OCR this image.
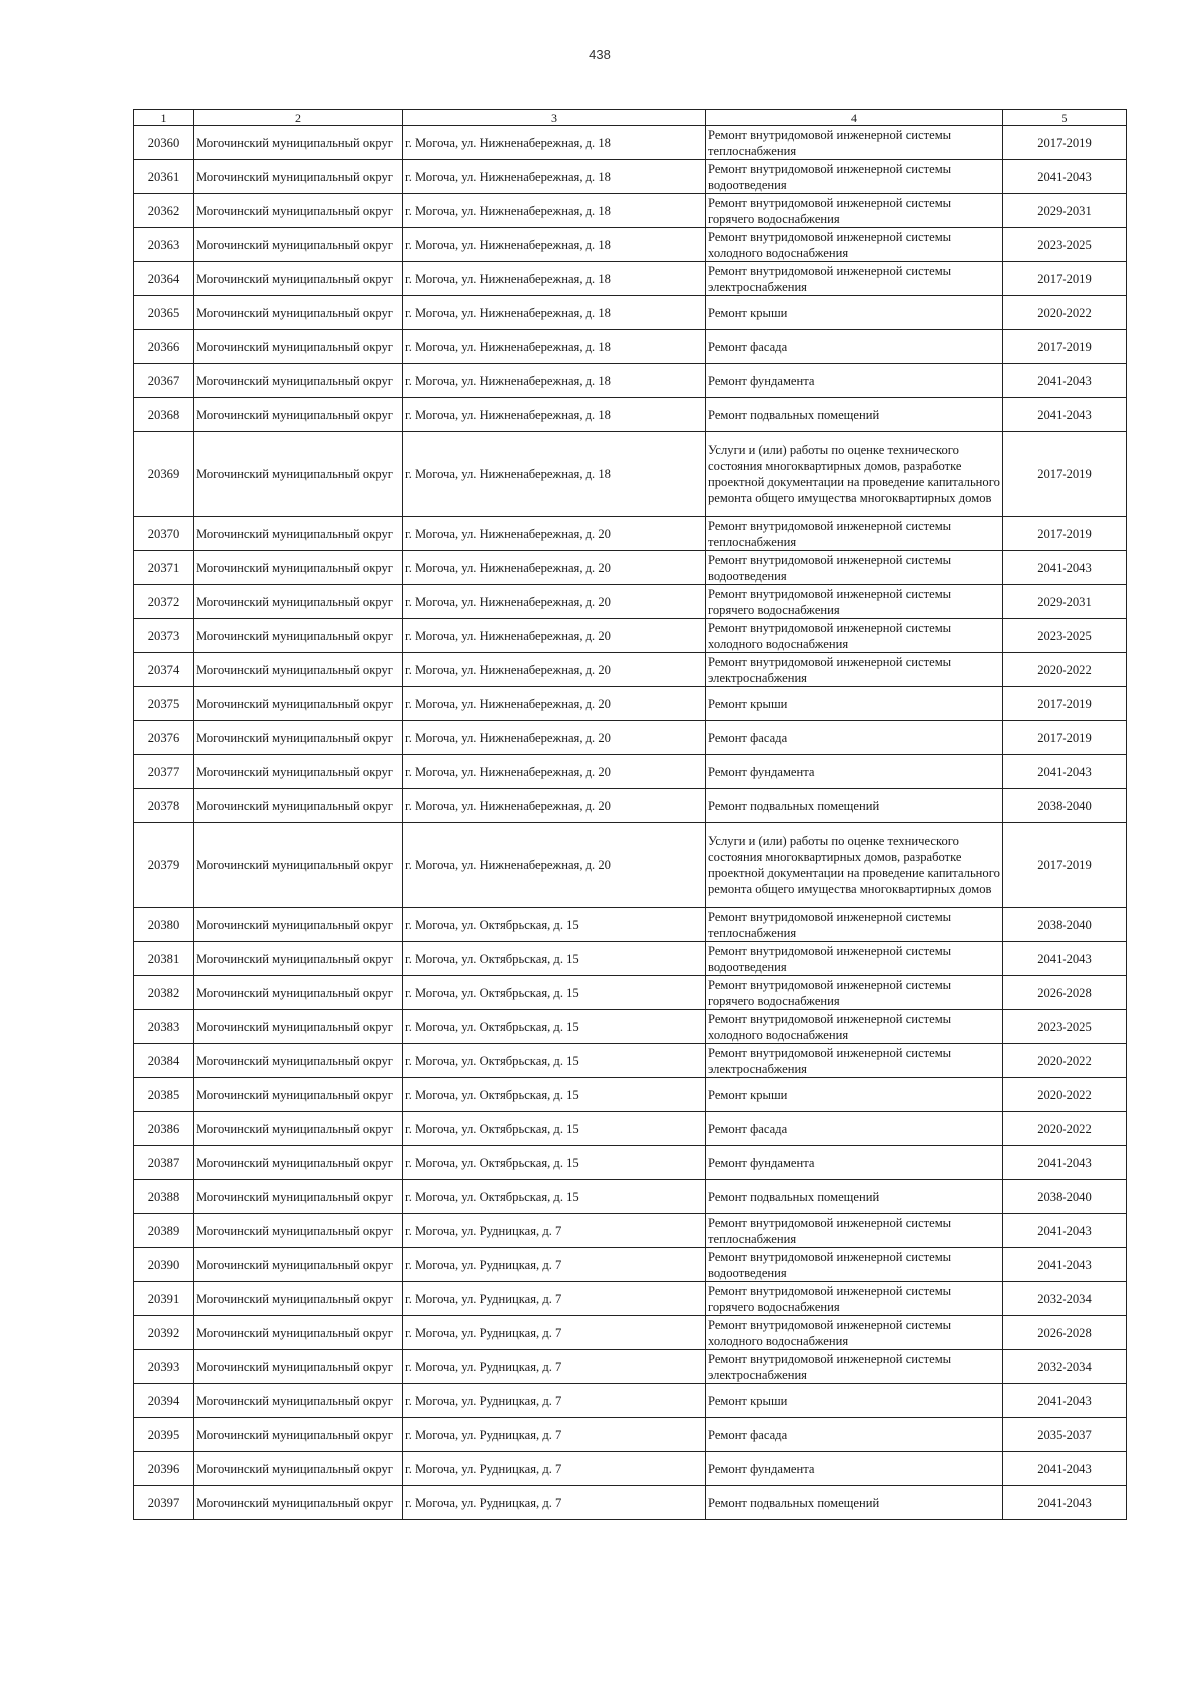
438
1	2	3	4	5
20360	Могочинский муниципальный округ	г. Могоча, ул. Нижненабережная, д. 18	Ремонт внутридомовой инженерной системы теплоснабжения	2017-2019
20361	Могочинский муниципальный округ	г. Могоча, ул. Нижненабережная, д. 18	Ремонт внутридомовой инженерной системы водоотведения	2041-2043
20362	Могочинский муниципальный округ	г. Могоча, ул. Нижненабережная, д. 18	Ремонт внутридомовой инженерной системы горячего водоснабжения	2029-2031
20363	Могочинский муниципальный округ	г. Могоча, ул. Нижненабережная, д. 18	Ремонт внутридомовой инженерной системы холодного водоснабжения	2023-2025
20364	Могочинский муниципальный округ	г. Могоча, ул. Нижненабережная, д. 18	Ремонт внутридомовой инженерной системы электроснабжения	2017-2019
20365	Могочинский муниципальный округ	г. Могоча, ул. Нижненабережная, д. 18	Ремонт крыши	2020-2022
20366	Могочинский муниципальный округ	г. Могоча, ул. Нижненабережная, д. 18	Ремонт фасада	2017-2019
20367	Могочинский муниципальный округ	г. Могоча, ул. Нижненабережная, д. 18	Ремонт фундамента	2041-2043
20368	Могочинский муниципальный округ	г. Могоча, ул. Нижненабережная, д. 18	Ремонт подвальных помещений	2041-2043
20369	Могочинский муниципальный округ	г. Могоча, ул. Нижненабережная, д. 18	Услуги и (или) работы по оценке технического состояния многоквартирных домов, разработке проектной документации на проведение капитального ремонта общего имущества многоквартирных домов	2017-2019
20370	Могочинский муниципальный округ	г. Могоча, ул. Нижненабережная, д. 20	Ремонт внутридомовой инженерной системы теплоснабжения	2017-2019
20371	Могочинский муниципальный округ	г. Могоча, ул. Нижненабережная, д. 20	Ремонт внутридомовой инженерной системы водоотведения	2041-2043
20372	Могочинский муниципальный округ	г. Могоча, ул. Нижненабережная, д. 20	Ремонт внутридомовой инженерной системы горячего водоснабжения	2029-2031
20373	Могочинский муниципальный округ	г. Могоча, ул. Нижненабережная, д. 20	Ремонт внутридомовой инженерной системы холодного водоснабжения	2023-2025
20374	Могочинский муниципальный округ	г. Могоча, ул. Нижненабережная, д. 20	Ремонт внутридомовой инженерной системы электроснабжения	2020-2022
20375	Могочинский муниципальный округ	г. Могоча, ул. Нижненабережная, д. 20	Ремонт крыши	2017-2019
20376	Могочинский муниципальный округ	г. Могоча, ул. Нижненабережная, д. 20	Ремонт фасада	2017-2019
20377	Могочинский муниципальный округ	г. Могоча, ул. Нижненабережная, д. 20	Ремонт фундамента	2041-2043
20378	Могочинский муниципальный округ	г. Могоча, ул. Нижненабережная, д. 20	Ремонт подвальных помещений	2038-2040
20379	Могочинский муниципальный округ	г. Могоча, ул. Нижненабережная, д. 20	Услуги и (или) работы по оценке технического состояния многоквартирных домов, разработке проектной документации на проведение капитального ремонта общего имущества многоквартирных домов	2017-2019
20380	Могочинский муниципальный округ	г. Могоча, ул. Октябрьская, д. 15	Ремонт внутридомовой инженерной системы теплоснабжения	2038-2040
20381	Могочинский муниципальный округ	г. Могоча, ул. Октябрьская, д. 15	Ремонт внутридомовой инженерной системы водоотведения	2041-2043
20382	Могочинский муниципальный округ	г. Могоча, ул. Октябрьская, д. 15	Ремонт внутридомовой инженерной системы горячего водоснабжения	2026-2028
20383	Могочинский муниципальный округ	г. Могоча, ул. Октябрьская, д. 15	Ремонт внутридомовой инженерной системы холодного водоснабжения	2023-2025
20384	Могочинский муниципальный округ	г. Могоча, ул. Октябрьская, д. 15	Ремонт внутридомовой инженерной системы электроснабжения	2020-2022
20385	Могочинский муниципальный округ	г. Могоча, ул. Октябрьская, д. 15	Ремонт крыши	2020-2022
20386	Могочинский муниципальный округ	г. Могоча, ул. Октябрьская, д. 15	Ремонт фасада	2020-2022
20387	Могочинский муниципальный округ	г. Могоча, ул. Октябрьская, д. 15	Ремонт фундамента	2041-2043
20388	Могочинский муниципальный округ	г. Могоча, ул. Октябрьская, д. 15	Ремонт подвальных помещений	2038-2040
20389	Могочинский муниципальный округ	г. Могоча, ул. Рудницкая, д. 7	Ремонт внутридомовой инженерной системы теплоснабжения	2041-2043
20390	Могочинский муниципальный округ	г. Могоча, ул. Рудницкая, д. 7	Ремонт внутридомовой инженерной системы водоотведения	2041-2043
20391	Могочинский муниципальный округ	г. Могоча, ул. Рудницкая, д. 7	Ремонт внутридомовой инженерной системы горячего водоснабжения	2032-2034
20392	Могочинский муниципальный округ	г. Могоча, ул. Рудницкая, д. 7	Ремонт внутридомовой инженерной системы холодного водоснабжения	2026-2028
20393	Могочинский муниципальный округ	г. Могоча, ул. Рудницкая, д. 7	Ремонт внутридомовой инженерной системы электроснабжения	2032-2034
20394	Могочинский муниципальный округ	г. Могоча, ул. Рудницкая, д. 7	Ремонт крыши	2041-2043
20395	Могочинский муниципальный округ	г. Могоча, ул. Рудницкая, д. 7	Ремонт фасада	2035-2037
20396	Могочинский муниципальный округ	г. Могоча, ул. Рудницкая, д. 7	Ремонт фундамента	2041-2043
20397	Могочинский муниципальный округ	г. Могоча, ул. Рудницкая, д. 7	Ремонт подвальных помещений	2041-2043
